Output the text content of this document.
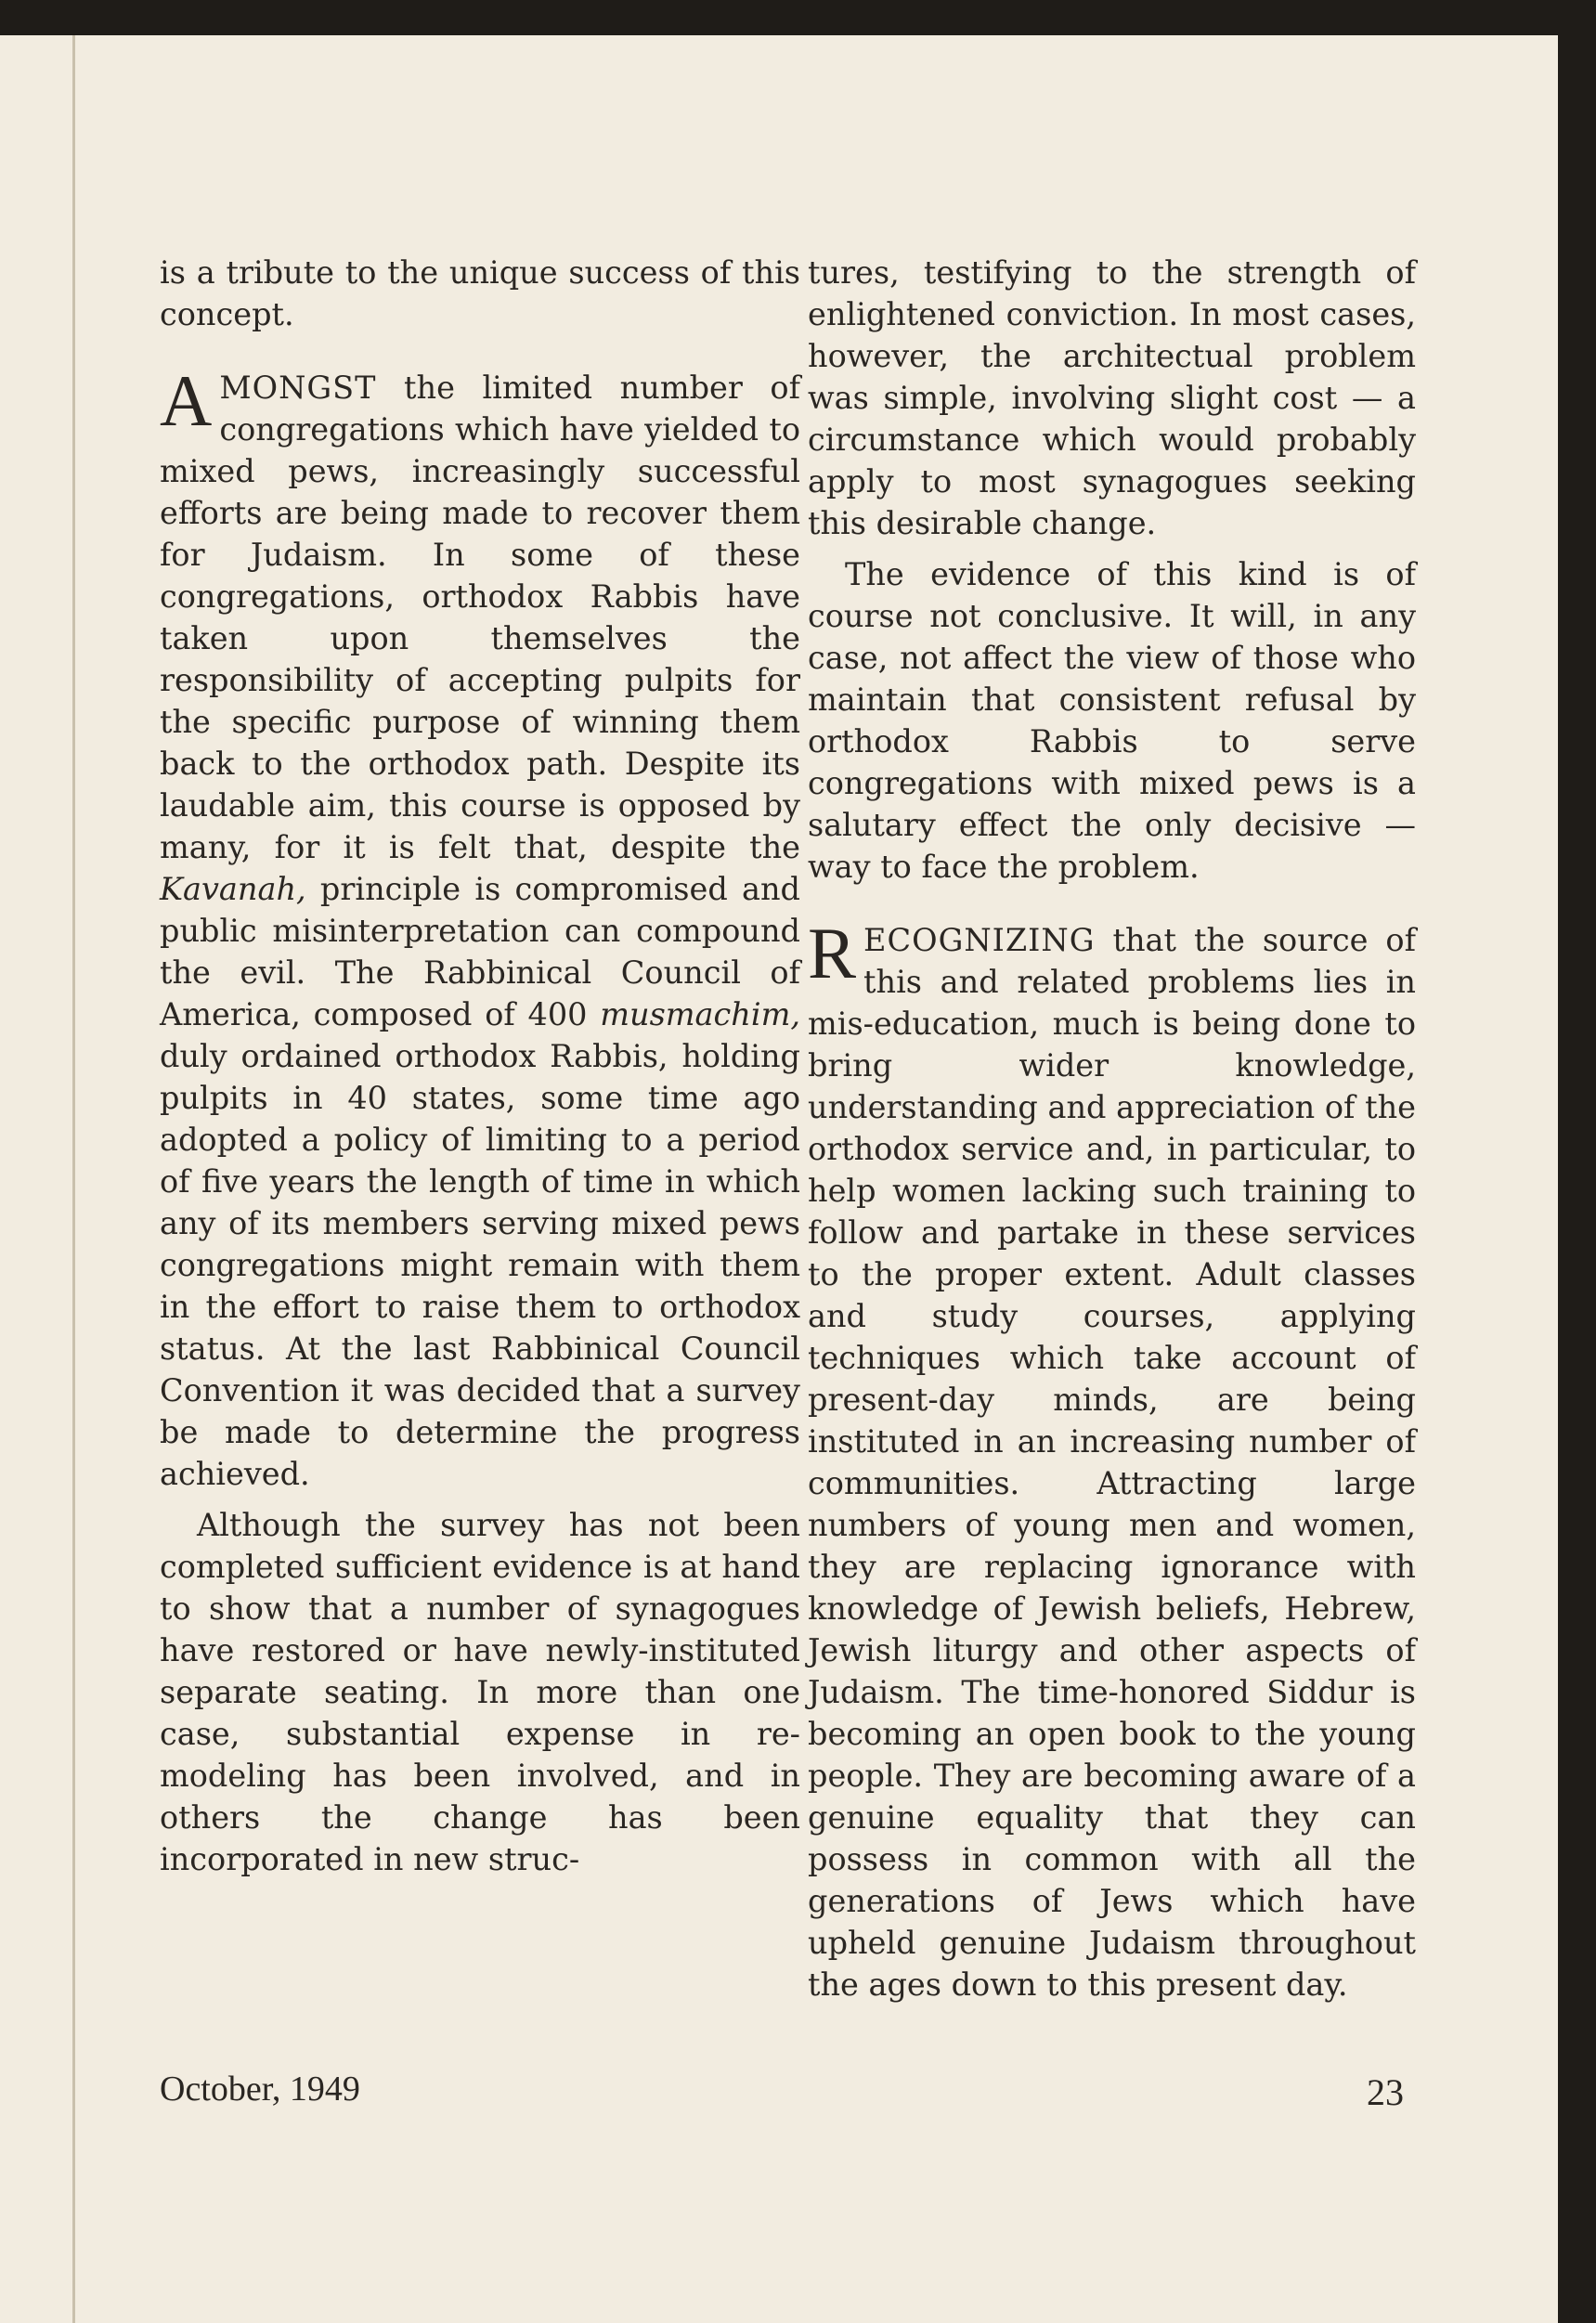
is a tribute to the unique success of this concept.

AMONGST the limited number of congregations which have yielded to mixed pews, increasingly successful efforts are being made to recover them for Judaism. In some of these congregations, orthodox Rabbis have taken upon themselves the responsibility of accepting pulpits for the specific purpose of winning them back to the orthodox path. Despite its laudable aim, this course is opposed by many, for it is felt that, despite the Kavanah, principle is compromised and public misinterpretation can compound the evil. The Rabbinical Council of America, composed of 400 musmachim, duly ordained orthodox Rabbis, holding pulpits in 40 states, some time ago adopted a policy of limiting to a period of five years the length of time in which any of its members serving mixed pews congregations might remain with them in the effort to raise them to orthodox status. At the last Rabbinical Council Convention it was decided that a survey be made to determine the progress achieved.

Although the survey has not been completed sufficient evidence is at hand to show that a number of synagogues have restored or have newly-instituted separate seating. In more than one case, substantial expense in re-modeling has been involved, and in others the change has been incorporated in new struc-

tures, testifying to the strength of enlightened conviction. In most cases, however, the architectual problem was simple, involving slight cost — a circumstance which would probably apply to most synagogues seeking this desirable change.

The evidence of this kind is of course not conclusive. It will, in any case, not affect the view of those who maintain that consistent refusal by orthodox Rabbis to serve congregations with mixed pews is a salutary effect the only decisive — way to face the problem.

RECOGNIZING that the source of this and related problems lies in mis-education, much is being done to bring wider knowledge, understanding and appreciation of the orthodox service and, in particular, to help women lacking such training to follow and partake in these services to the proper extent. Adult classes and study courses, applying techniques which take account of present-day minds, are being instituted in an increasing number of communities. Attracting large numbers of young men and women, they are replacing ignorance with knowledge of Jewish beliefs, Hebrew, Jewish liturgy and other aspects of Judaism. The time-honored Siddur is becoming an open book to the young people. They are becoming aware of a genuine equality that they can possess in common with all the generations of Jews which have upheld genuine Judaism throughout the ages down to this present day.

October, 1949	23
